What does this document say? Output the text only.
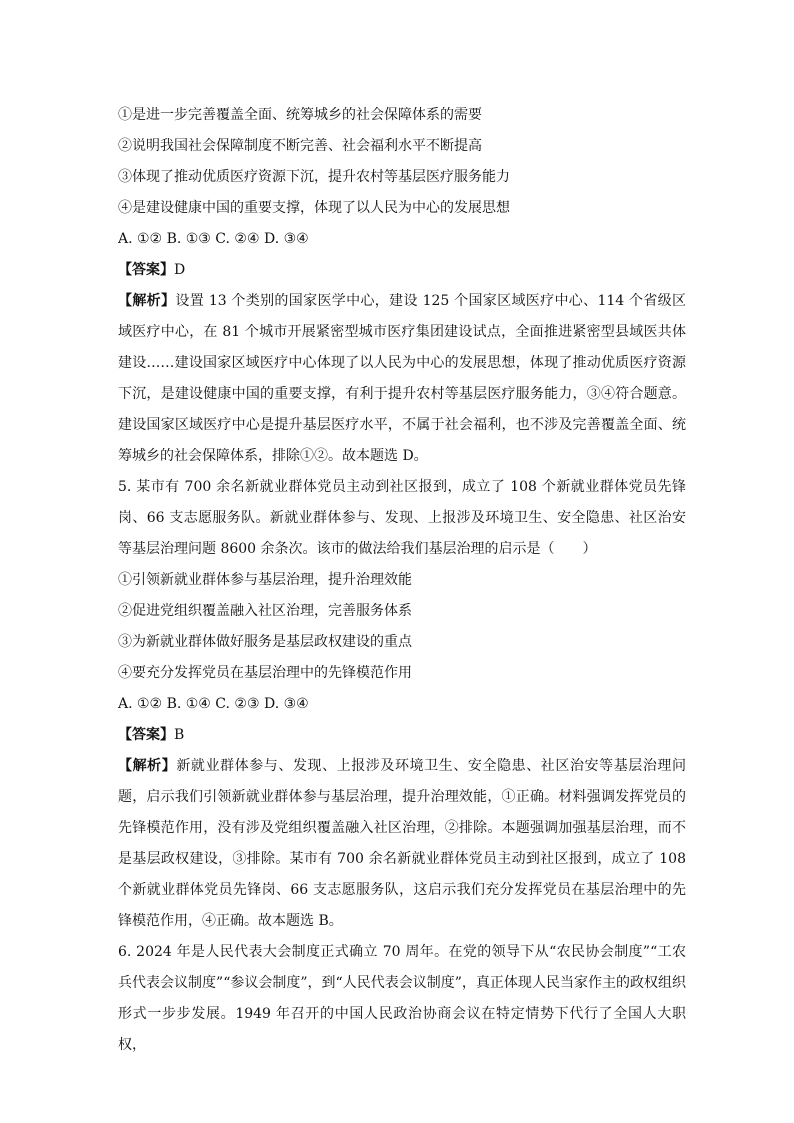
①是进一步完善覆盖全面、统筹城乡的社会保障体系的需要
②说明我国社会保障制度不断完善、社会福利水平不断提高
③体现了推动优质医疗资源下沉，提升农村等基层医疗服务能力
④是建设健康中国的重要支撑，体现了以人民为中心的发展思想
A. ①② B. ①③ C. ②④ D. ③④
【答案】D
【解析】设置 13 个类别的国家医学中心，建设 125 个国家区域医疗中心、114 个省级区域医疗中心，在 81 个城市开展紧密型城市医疗集团建设试点，全面推进紧密型县域医共体建设……建设国家区域医疗中心体现了以人民为中心的发展思想，体现了推动优质医疗资源下沉，是建设健康中国的重要支撑，有利于提升农村等基层医疗服务能力，③④符合题意。建设国家区域医疗中心是提升基层医疗水平，不属于社会福利，也不涉及完善覆盖全面、统筹城乡的社会保障体系，排除①②。故本题选 D。
5. 某市有 700 余名新就业群体党员主动到社区报到，成立了 108 个新就业群体党员先锋岗、66 支志愿服务队。新就业群体参与、发现、上报涉及环境卫生、安全隐患、社区治安等基层治理问题 8600 余条次。该市的做法给我们基层治理的启示是（　　）
①引领新就业群体参与基层治理，提升治理效能
②促进党组织覆盖融入社区治理，完善服务体系
③为新就业群体做好服务是基层政权建设的重点
④要充分发挥党员在基层治理中的先锋模范作用
A. ①② B. ①④ C. ②③ D. ③④
【答案】B
【解析】新就业群体参与、发现、上报涉及环境卫生、安全隐患、社区治安等基层治理问题，启示我们引领新就业群体参与基层治理，提升治理效能，①正确。材料强调发挥党员的先锋模范作用，没有涉及党组织覆盖融入社区治理，②排除。本题强调加强基层治理，而不是基层政权建设，③排除。某市有 700 余名新就业群体党员主动到社区报到，成立了 108 个新就业群体党员先锋岗、66 支志愿服务队，这启示我们充分发挥党员在基层治理中的先锋模范作用，④正确。故本题选 B。
6. 2024 年是人民代表大会制度正式确立 70 周年。在党的领导下从“农民协会制度”“工农兵代表会议制度”“参议会制度”，到“人民代表会议制度”，真正体现人民当家作主的政权组织形式一步步发展。1949 年召开的中国人民政治协商会议在特定情势下代行了全国人大职权，
